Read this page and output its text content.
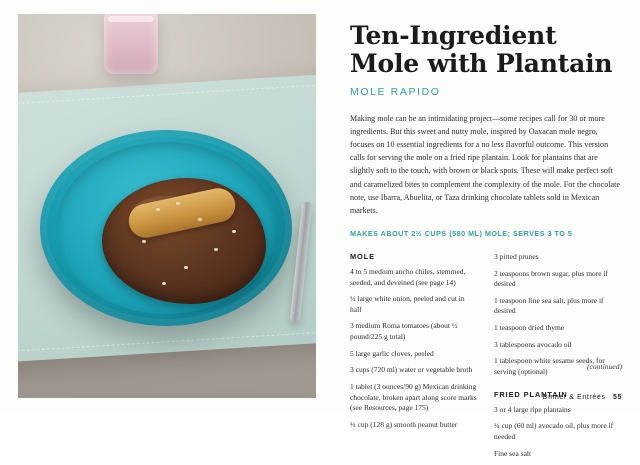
Ten-Ingredient Mole with Plantain
MOLE RAPIDO

Making mole can be an intimidating project—some recipes call for 30 or more ingredients. But this sweet and nutty mole, inspired by Oaxacan mole negro, focuses on 10 essential ingredients for a no less flavorful outcome. This version calls for serving the mole on a fried ripe plantain. Look for plantains that are slightly soft to the touch, with brown or black spots. These will make perfect soft and caramelized bites to complement the complexity of the mole. For the chocolate note, use Ibarra, Abuelita, or Taza drinking chocolate tablets sold in Mexican markets.

MAKES ABOUT 2½ CUPS (580 ML) MOLE; SERVES 3 TO 5
MOLE

4 to 5 medium ancho chiles, stemmed, seeded, and deveined (see page 14)

½ large white onion, peeled and cut in half

3 medium Roma tomatoes (about ½ pound/225 g total)

5 large garlic cloves, peeled

3 cups (720 ml) water or vegetable broth

1 tablet (3 ounces/90 g) Mexican drinking chocolate, broken apart along score marks (see Resources, page 175)

⅓ cup (128 g) smooth peanut butter

3 pitted prunes

2 teaspoons brown sugar, plus more if desired

1 teaspoon fine sea salt, plus more if desired

1 teaspoon dried thyme

3 tablespoons avocado oil

1 tablespoon white sesame seeds, for serving (optional)

FRIED PLANTAIN

3 or 4 large ripe plantains

¼ cup (60 ml) avocado oil, plus more if needed

Fine sea salt

(continued)
Dinner & Entrées 55
